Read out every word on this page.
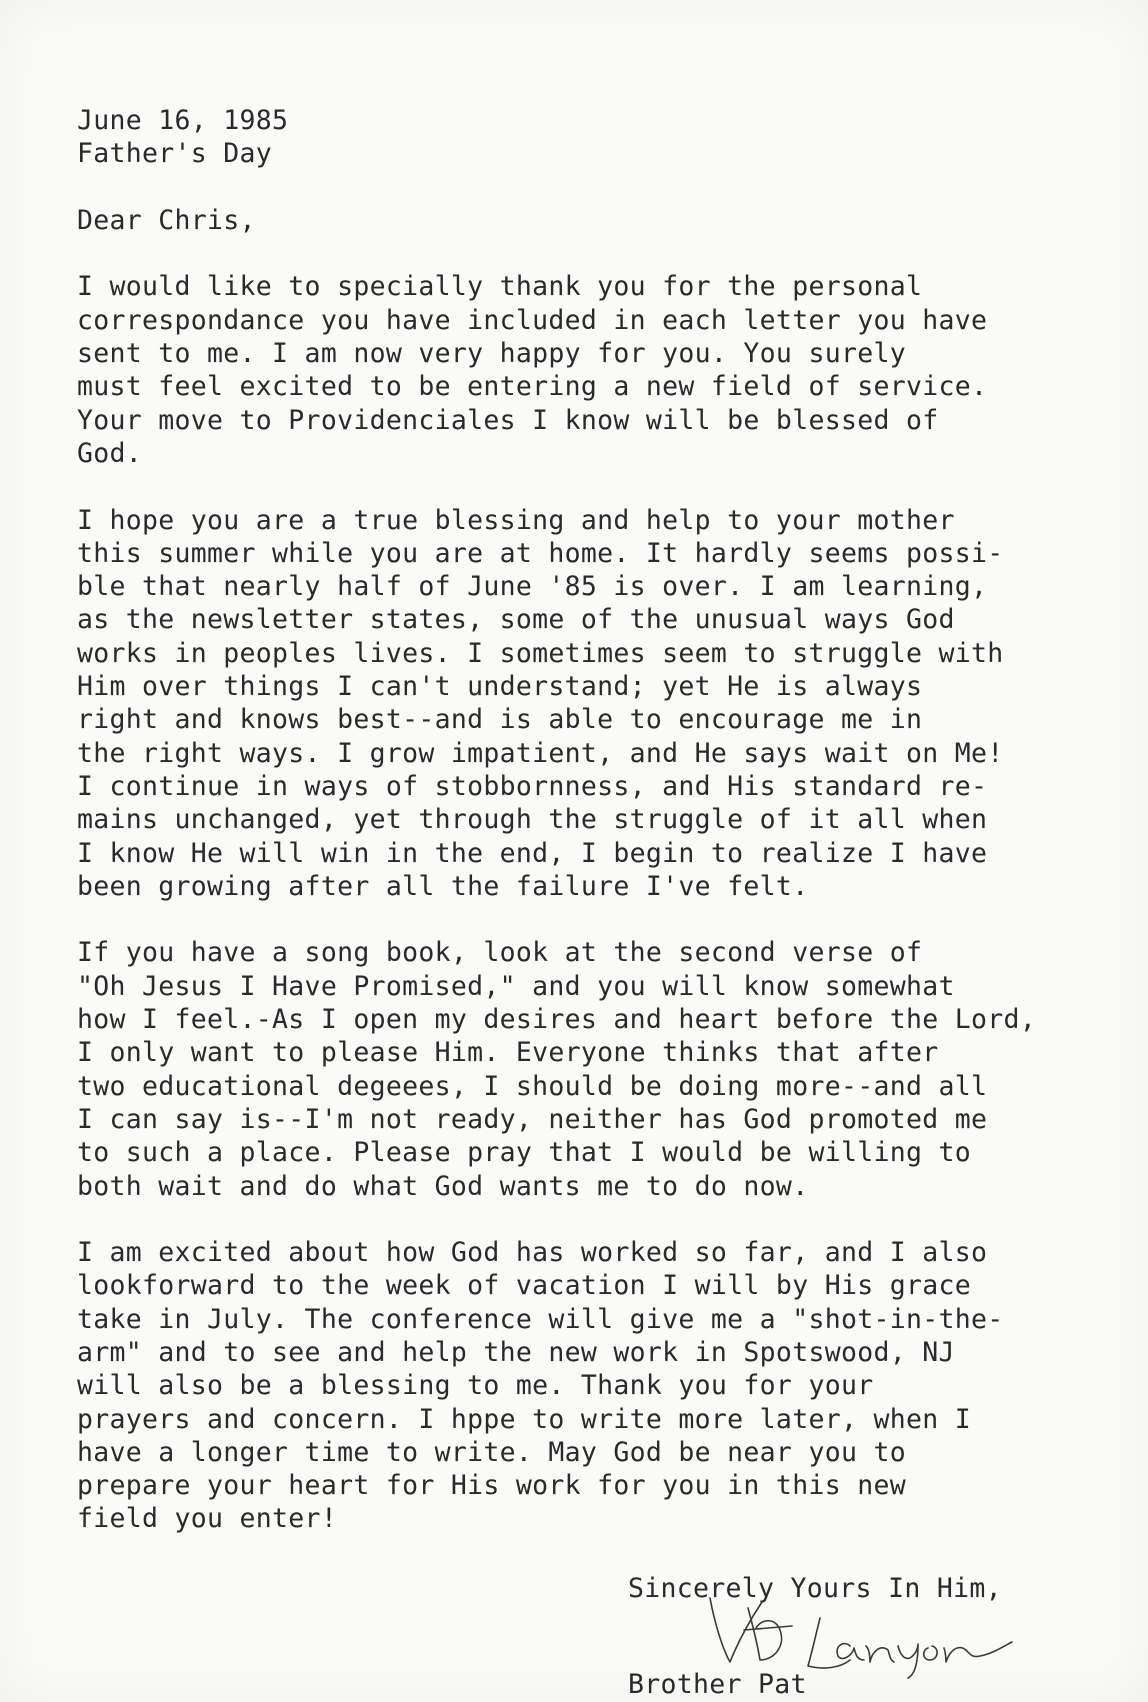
June 16, 1985
Father's Day
Dear Chris,
I would like to specially thank you for the personal
correspondance you have included in each letter you have
sent to me. I am now very happy for you. You surely
must feel excited to be entering a new field of service.
Your move to Providenciales I know will be blessed of
God.
I hope you are a true blessing and help to your mother
this summer while you are at home. It hardly seems possi-
ble that nearly half of June '85 is over. I am learning,
as the newsletter states, some of the unusual ways God
works in peoples lives. I sometimes seem to struggle with
Him over things I can't understand; yet He is always
right and knows best--and is able to encourage me in
the right ways. I grow impatient, and He says wait on Me!
I continue in ways of stobbornness, and His standard re-
mains unchanged, yet through the struggle of it all when
I know He will win in the end, I begin to realize I have
been growing after all the failure I've felt.
If you have a song book, look at the second verse of
"Oh Jesus I Have Promised," and you will know somewhat
how I feel.-As I open my desires and heart before the Lord,
I only want to please Him. Everyone thinks that after
two educational degeees, I should be doing more--and all
I can say is--I'm not ready, neither has God promoted me
to such a place. Please pray that I would be willing to
both wait and do what God wants me to do now.
I am excited about how God has worked so far, and I also
lookforward to the week of vacation I will by His grace
take in July. The conference will give me a "shot-in-the-
arm" and to see and help the new work in Spotswood, NJ
will also be a blessing to me. Thank you for your
prayers and concern. I hppe to write more later, when I
have a longer time to write. May God be near you to
prepare your heart for His work for you in this new
field you enter!
Sincerely Yours In Him,
Brother Pat
